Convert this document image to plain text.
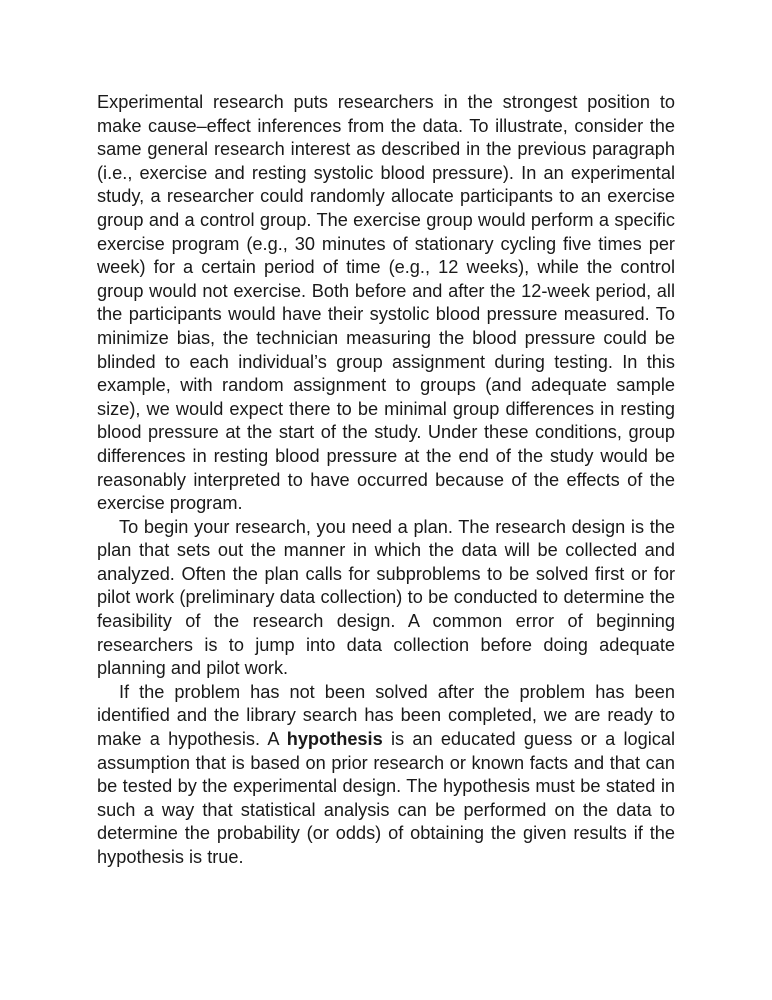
Experimental research puts researchers in the strongest position to make cause–effect inferences from the data. To illustrate, consider the same general research interest as described in the previous paragraph (i.e., exercise and resting systolic blood pressure). In an experimental study, a researcher could randomly allocate participants to an exercise group and a control group. The exercise group would perform a specific exercise program (e.g., 30 minutes of stationary cycling five times per week) for a certain period of time (e.g., 12 weeks), while the control group would not exercise. Both before and after the 12-week period, all the participants would have their systolic blood pressure measured. To minimize bias, the technician measuring the blood pressure could be blinded to each individual’s group assignment during testing. In this example, with random assignment to groups (and adequate sample size), we would expect there to be minimal group differences in resting blood pressure at the start of the study. Under these conditions, group differences in resting blood pressure at the end of the study would be reasonably interpreted to have occurred because of the effects of the exercise program.

To begin your research, you need a plan. The research design is the plan that sets out the manner in which the data will be collected and analyzed. Often the plan calls for subproblems to be solved first or for pilot work (preliminary data collection) to be conducted to determine the feasibility of the research design. A common error of beginning researchers is to jump into data collection before doing adequate planning and pilot work.

If the problem has not been solved after the problem has been identified and the library search has been completed, we are ready to make a hypothesis. A hypothesis is an educated guess or a logical assumption that is based on prior research or known facts and that can be tested by the experimental design. The hypothesis must be stated in such a way that statistical analysis can be performed on the data to determine the probability (or odds) of obtaining the given results if the hypothesis is true.
